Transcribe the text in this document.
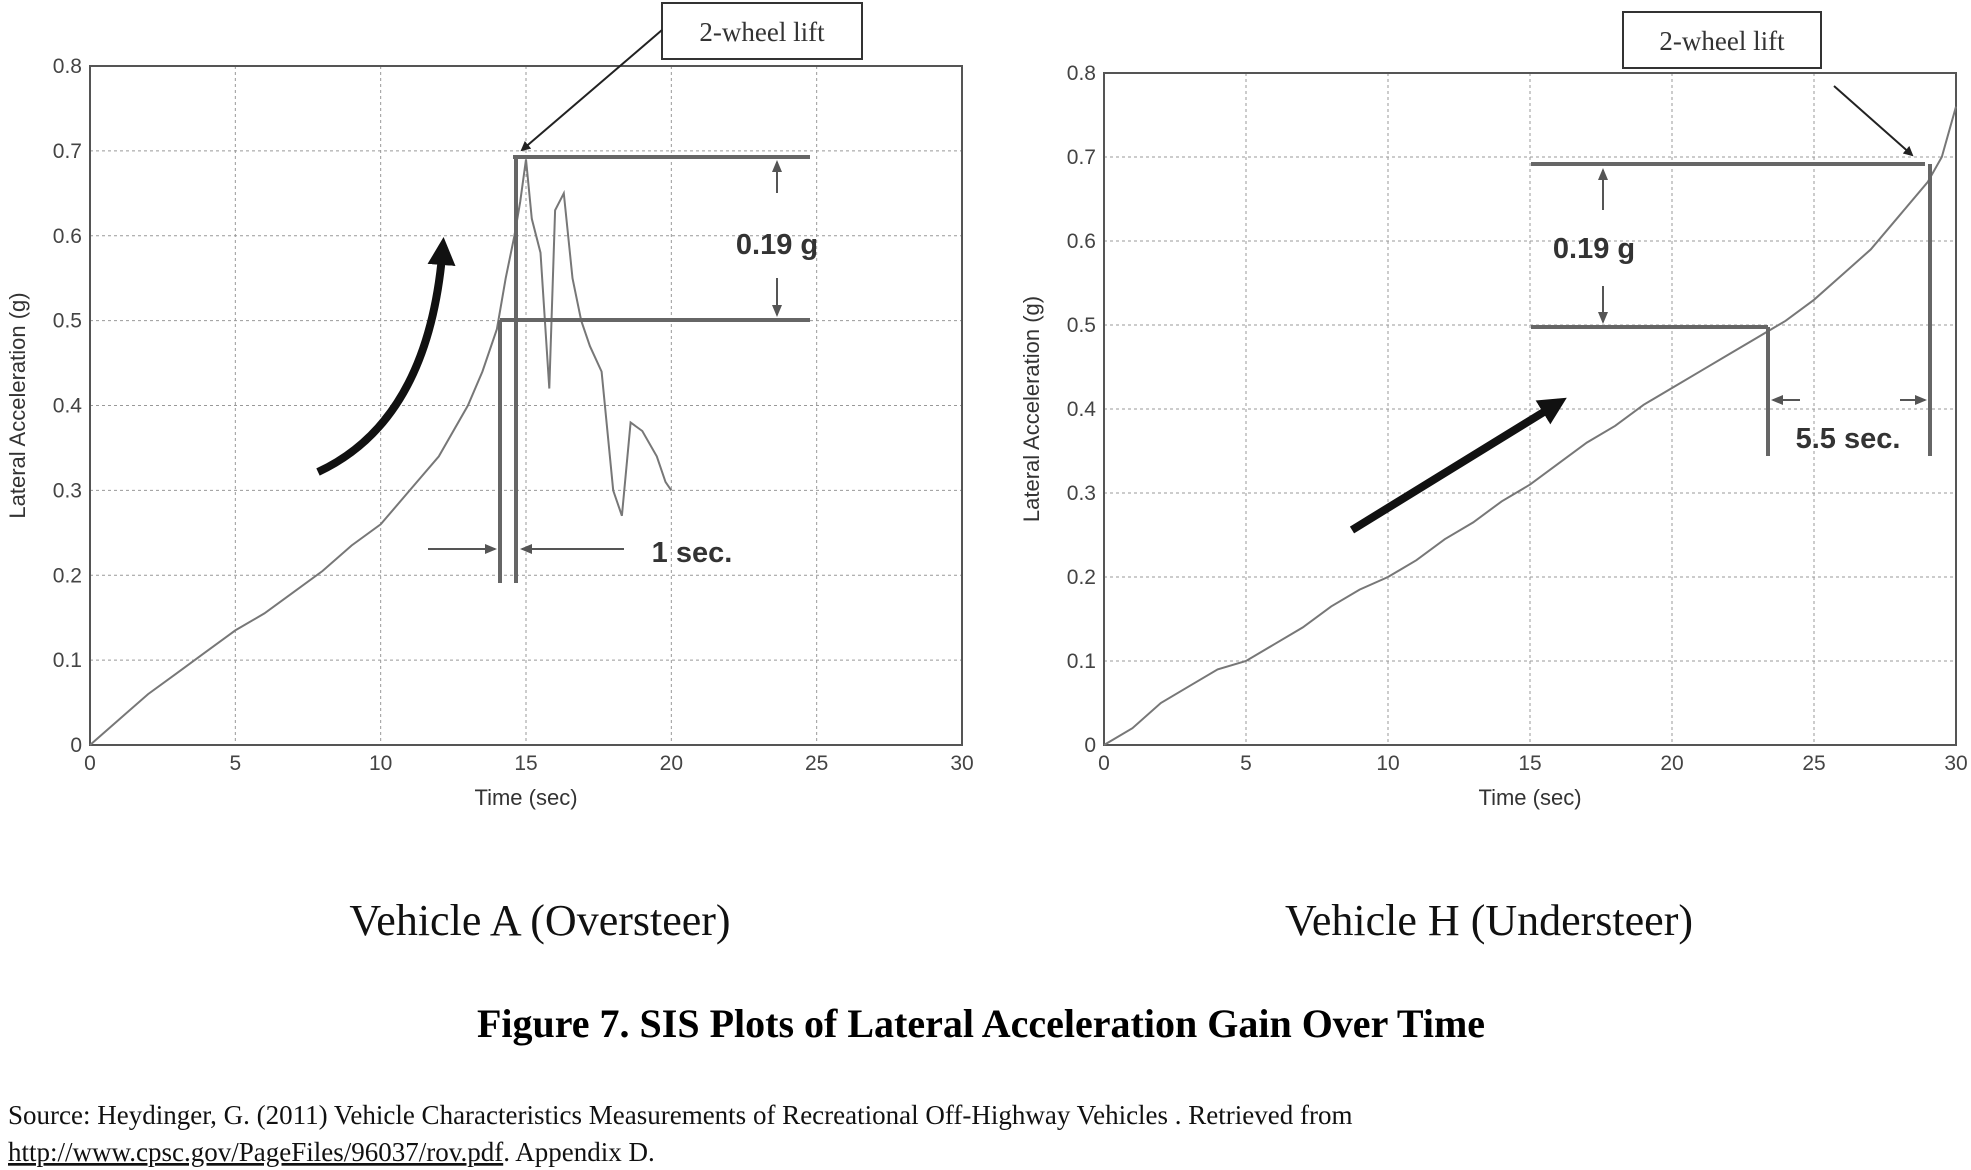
0	5	10	15	20	25	30
0
0.1
0.2
0.3
0.4
0.5
0.6
0.7
0.8
Time (sec)
Lateral Acceleration (g)
0.19 g
1 sec.
2-wheel lift
0	5	10	15	20	25	30
0
0.1
0.2
0.3
0.4
0.5
0.6
0.7
0.8
Time (sec)
Lateral Acceleration (g)
0.19 g
5.5 sec.
2-wheel lift
Vehicle A (Oversteer)	Vehicle H (Understeer)
Figure 7. SIS Plots of Lateral Acceleration Gain Over Time
Source: Heydinger, G. (2011) Vehicle Characteristics Measurements of Recreational Off-Highway Vehicles . Retrieved from
http://www.cpsc.gov/PageFiles/96037/rov.pdf. Appendix D.
